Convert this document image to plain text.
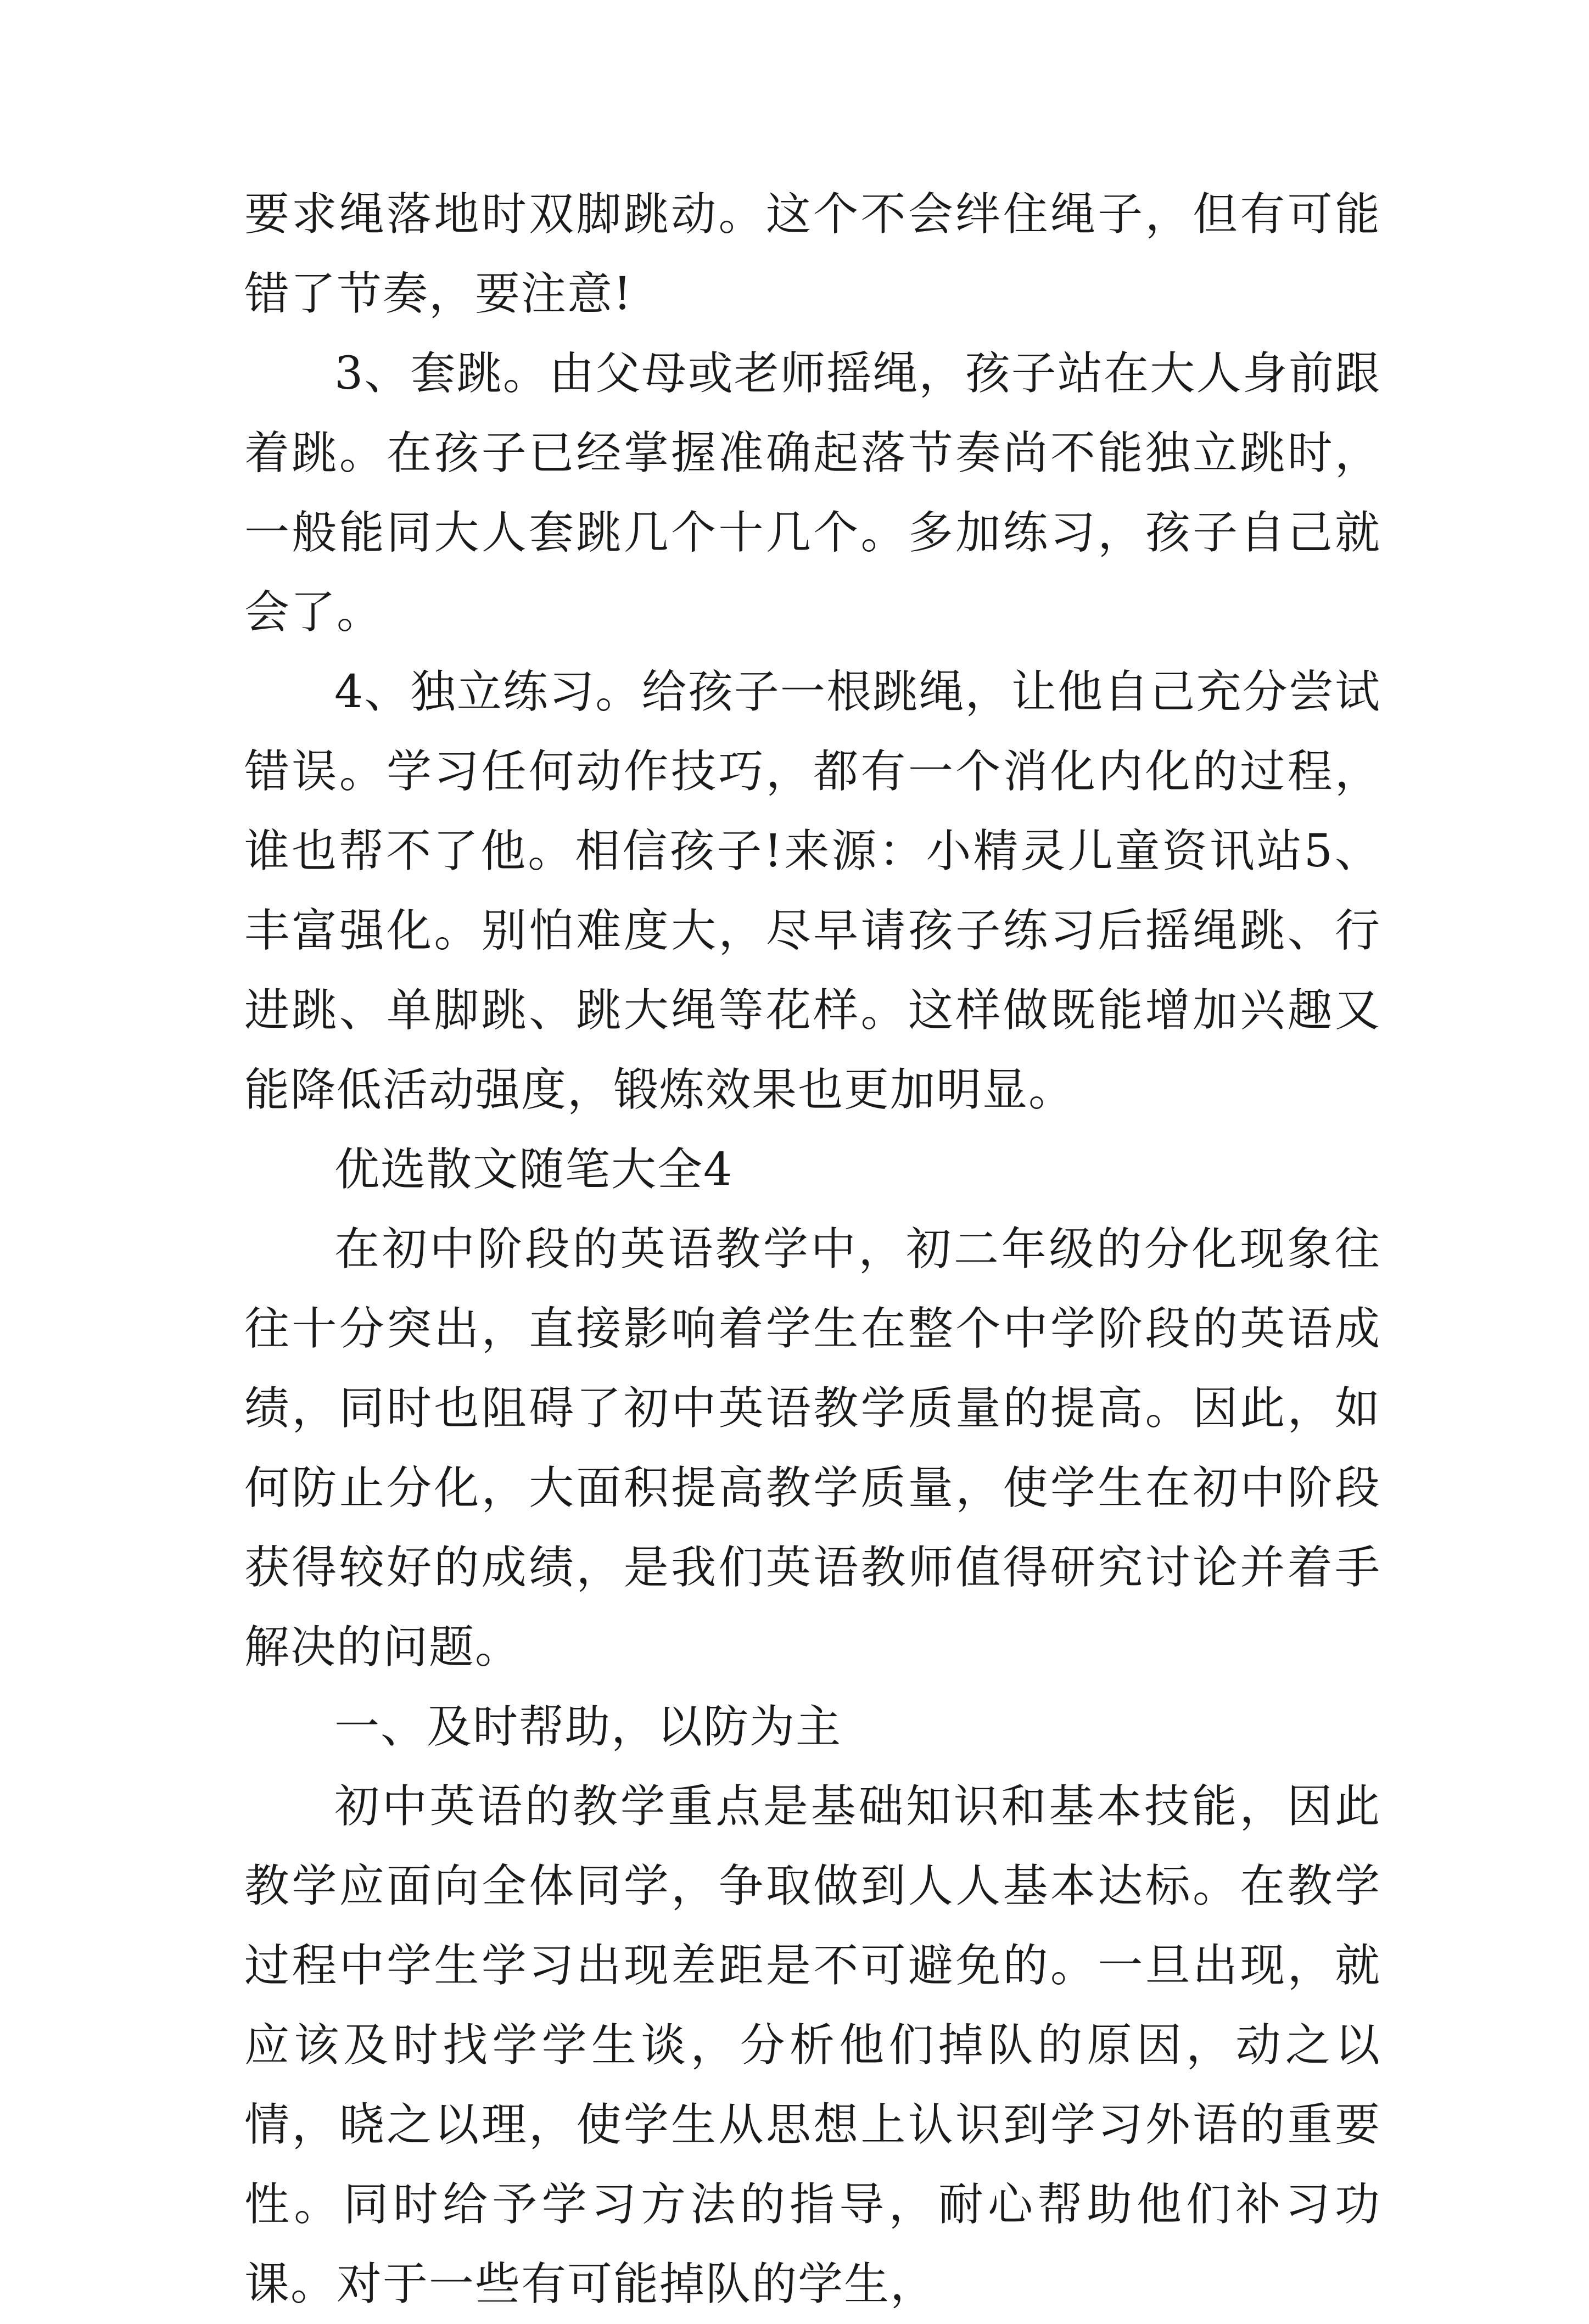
要求绳落地时双脚跳动。这个不会绊住绳子，但有可能错了节奏，要注意!

3、套跳。由父母或老师摇绳，孩子站在大人身前跟着跳。在孩子已经掌握准确起落节奏尚不能独立跳时，一般能同大人套跳几个十几个。多加练习，孩子自己就会了。

4、独立练习。给孩子一根跳绳，让他自己充分尝试错误。学习任何动作技巧，都有一个消化内化的过程，谁也帮不了他。相信孩子!来源：小精灵儿童资讯站5、丰富强化。别怕难度大，尽早请孩子练习后摇绳跳、行进跳、单脚跳、跳大绳等花样。这样做既能增加兴趣又能降低活动强度，锻炼效果也更加明显。

优选散文随笔大全4

在初中阶段的英语教学中，初二年级的分化现象往往十分突出，直接影响着学生在整个中学阶段的英语成绩，同时也阻碍了初中英语教学质量的提高。因此，如何防止分化，大面积提高教学质量，使学生在初中阶段获得较好的成绩，是我们英语教师值得研究讨论并着手解决的问题。

一、及时帮助，以防为主

初中英语的教学重点是基础知识和基本技能，因此教学应面向全体同学，争取做到人人基本达标。在教学过程中学生学习出现差距是不可避免的。一旦出现，就应该及时找学学生谈，分析他们掉队的原因，动之以情，晓之以理，使学生从思想上认识到学习外语的重要性。同时给予学习方法的指导，耐心帮助他们补习功课。对于一些有可能掉队的学生，
